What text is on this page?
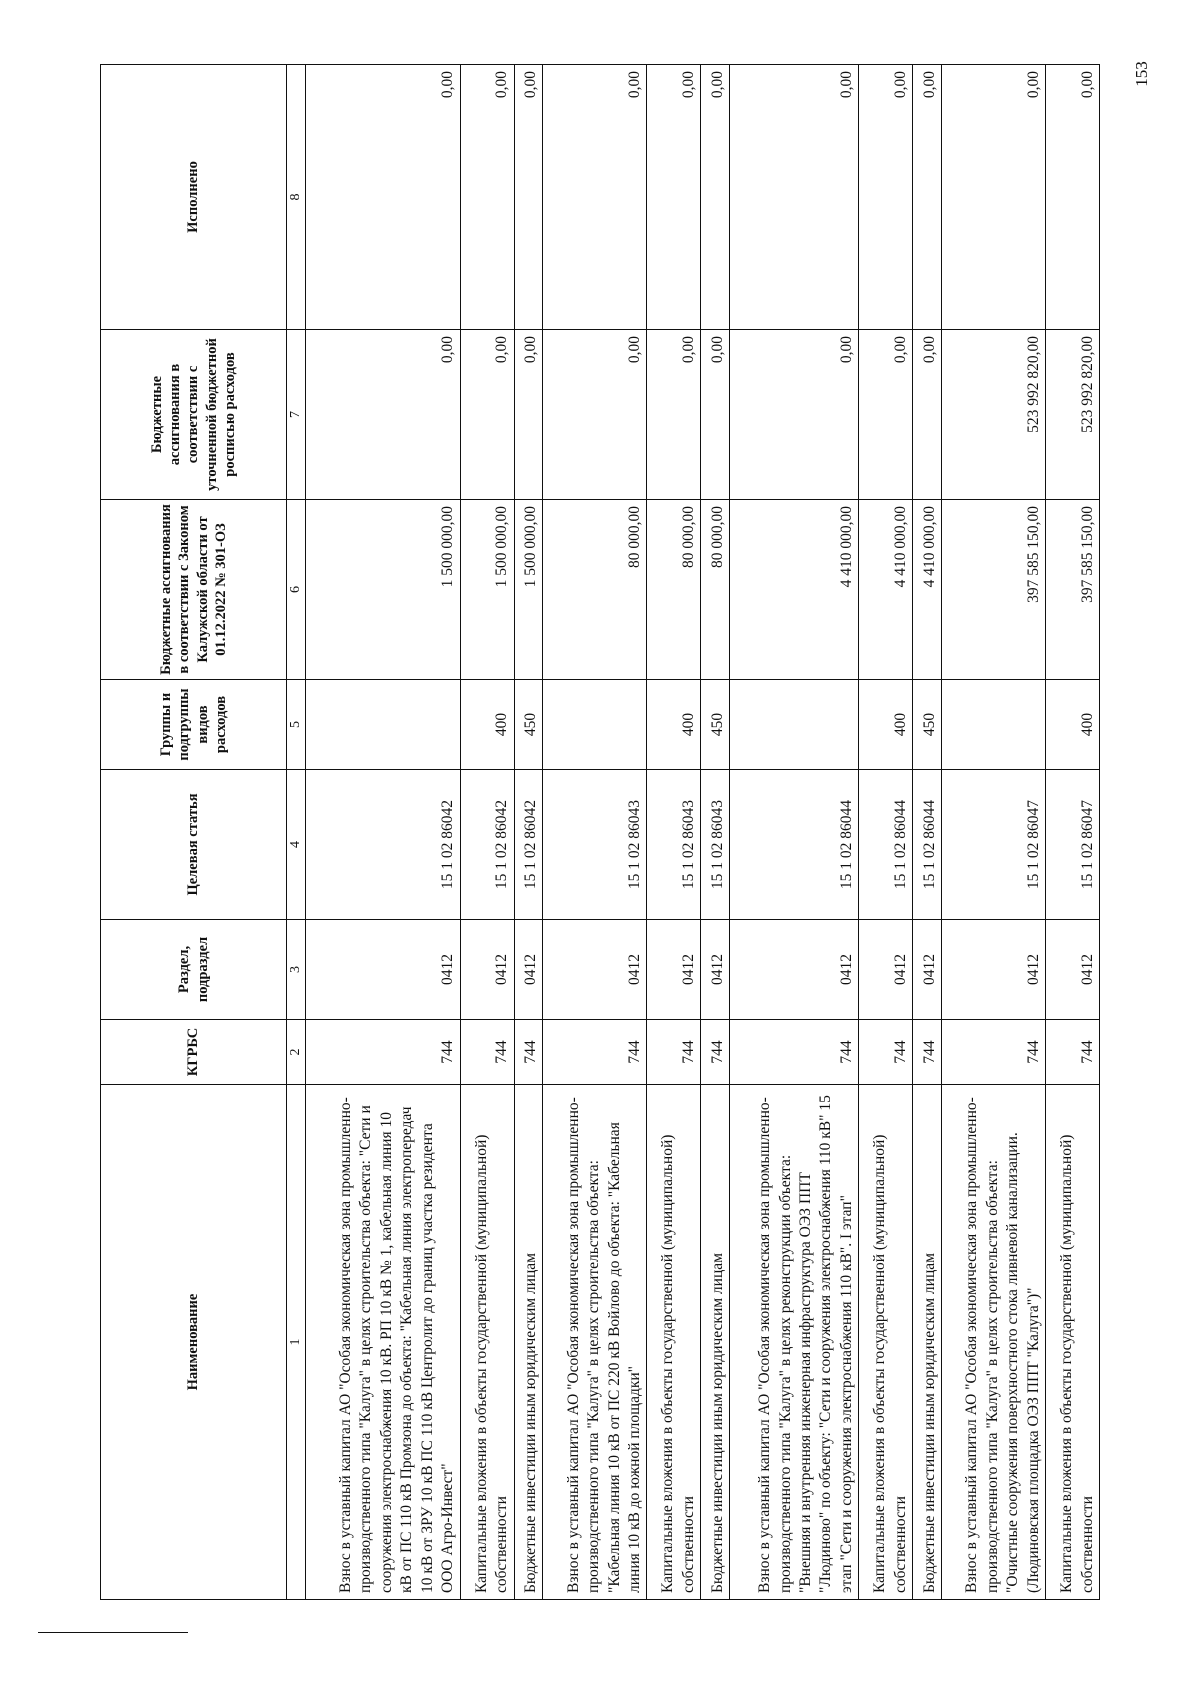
Наименование	КГРБС	Раздел, подраздел	Целевая статья	Группы и подгруппы видов расходов	Бюджетные ассигнования в соответствии с Законом Калужской области от 01.12.2022 № 301-ОЗ	Бюджетные ассигнования в соответствии с уточненной бюджетной росписью расходов	Исполнено
1	2	3	4	5	6	7	8
Взнос в уставный капитал АО "Особая экономическая зона промышленно-производственного типа "Калуга" в целях строительства объекта: "Сети и сооружения электроснабжения 10 кВ. РП 10 кВ № 1, кабельная линия 10 кВ от ПС 110 кВ Промзона до объекта: "Кабельная линия электропередач 10 кВ от ЗРУ 10 кВ ПС 110 кВ Центролит до границ участка резидента ООО Агро-Инвест"	744	0412	15 1 02 86042		1 500 000,00	0,00	0,00
Капитальные вложения в объекты государственной (муниципальной) собственности	744	0412	15 1 02 86042	400	1 500 000,00	0,00	0,00
Бюджетные инвестиции иным юридическим лицам	744	0412	15 1 02 86042	450	1 500 000,00	0,00	0,00
Взнос в уставный капитал АО "Особая экономическая зона промышленно-производственного типа "Калуга" в целях строительства объекта: "Кабельная линия 10 кВ от ПС 220 кВ Войлово до объекта: "Кабельная линия 10 кВ до южной площадки"	744	0412	15 1 02 86043		80 000,00	0,00	0,00
Капитальные вложения в объекты государственной (муниципальной) собственности	744	0412	15 1 02 86043	400	80 000,00	0,00	0,00
Бюджетные инвестиции иным юридическим лицам	744	0412	15 1 02 86043	450	80 000,00	0,00	0,00
Взнос в уставный капитал АО "Особая экономическая зона промышленно-производственного типа "Калуга" в целях реконструкции объекта: "Внешняя и внутренняя инженерная инфраструктура ОЭЗ ППТ "Людиново" по объекту: "Сети и сооружения электроснабжения 110 кВ" 15 этап "Сети и сооружения электроснабжения 110 кВ". I этап"	744	0412	15 1 02 86044		4 410 000,00	0,00	0,00
Капитальные вложения в объекты государственной (муниципальной) собственности	744	0412	15 1 02 86044	400	4 410 000,00	0,00	0,00
Бюджетные инвестиции иным юридическим лицам	744	0412	15 1 02 86044	450	4 410 000,00	0,00	0,00
Взнос в уставный капитал АО "Особая экономическая зона промышленно-производственного типа "Калуга" в целях строительства объекта: "Очистные сооружения поверхностного стока ливневой канализации. (Людиновская площадка ОЭЗ ППТ "Калуга")"	744	0412	15 1 02 86047		397 585 150,00	523 992 820,00	0,00
Капитальные вложения в объекты государственной (муниципальной) собственности	744	0412	15 1 02 86047	400	397 585 150,00	523 992 820,00	0,00 153
